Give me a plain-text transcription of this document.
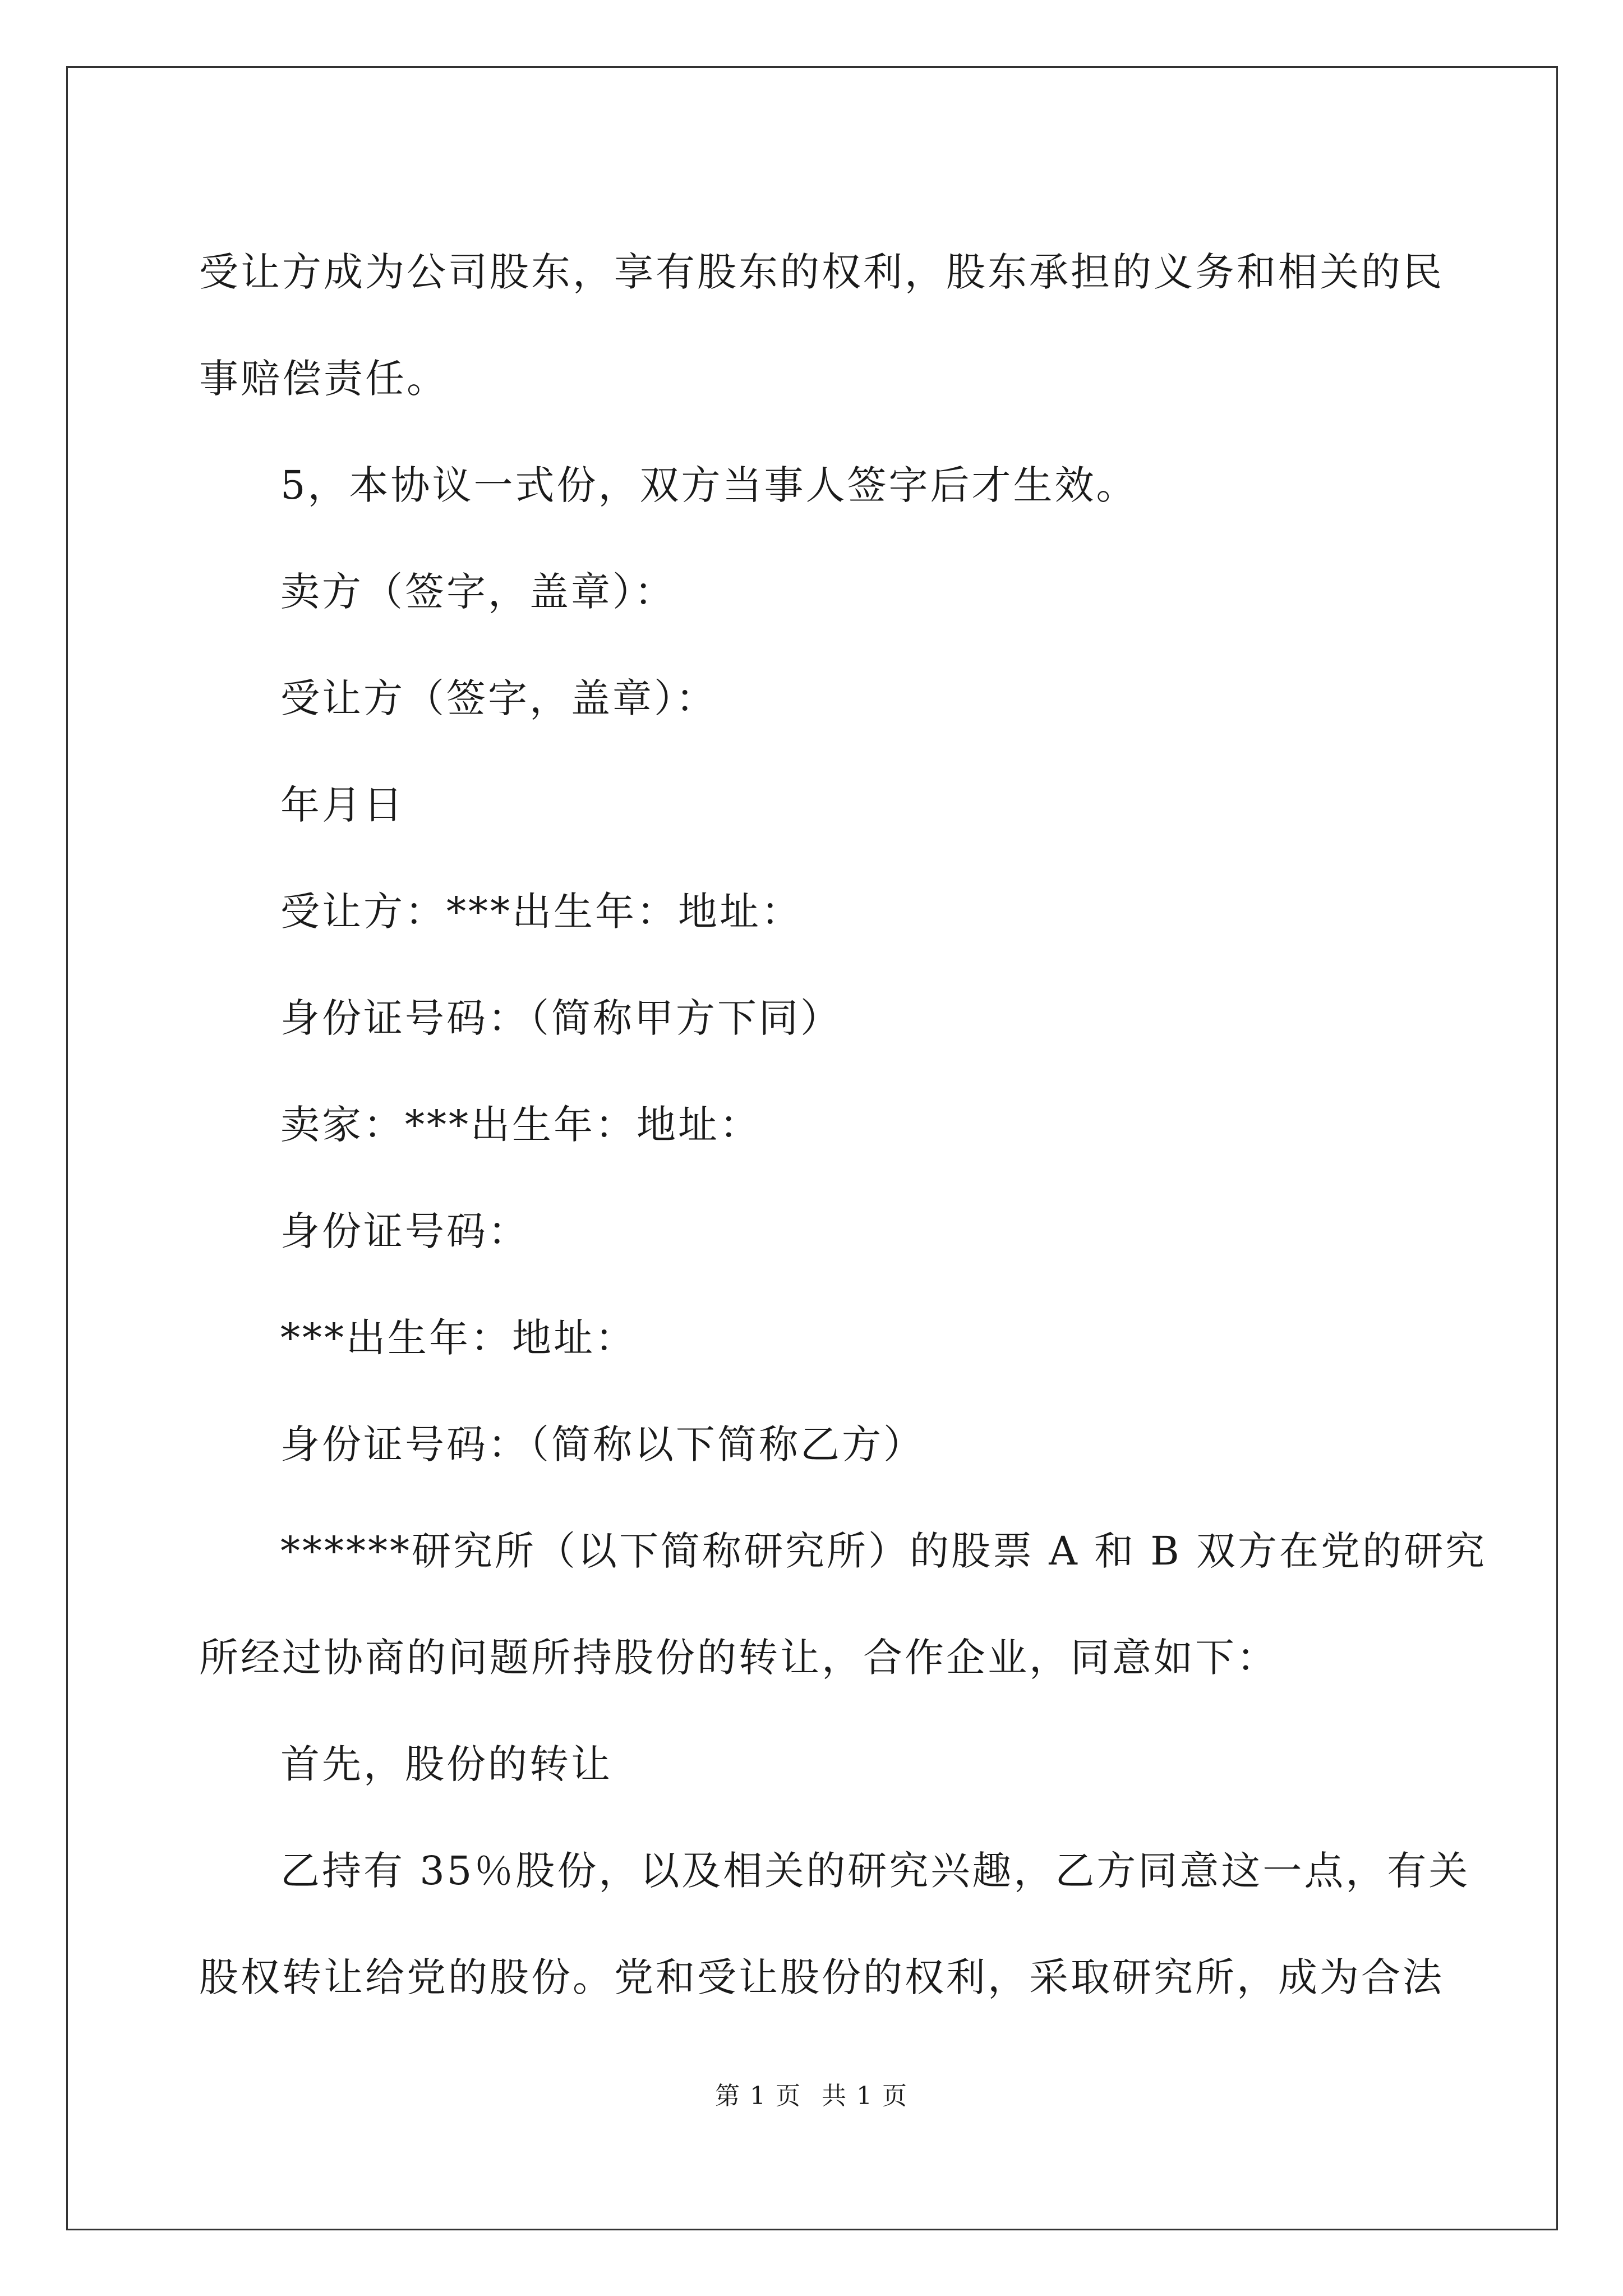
受让方成为公司股东，享有股东的权利，股东承担的义务和相关的民

事赔偿责任。

5，本协议一式份，双方当事人签字后才生效。

卖方（签字，盖章）：

受让方（签字，盖章）：

年月日

受让方：***出生年：地址：

身份证号码：（简称甲方下同）

卖家：***出生年：地址：

身份证号码：

***出生年：地址：

身份证号码：（简称以下简称乙方）

******研究所（以下简称研究所）的股票 A 和 B 双方在党的研究

所经过协商的问题所持股份的转让，合作企业，同意如下：

首先，股份的转让

乙持有 35％股份，以及相关的研究兴趣，乙方同意这一点，有关

股权转让给党的股份。党和受让股份的权利，采取研究所，成为合法

第 1 页 共 1 页
